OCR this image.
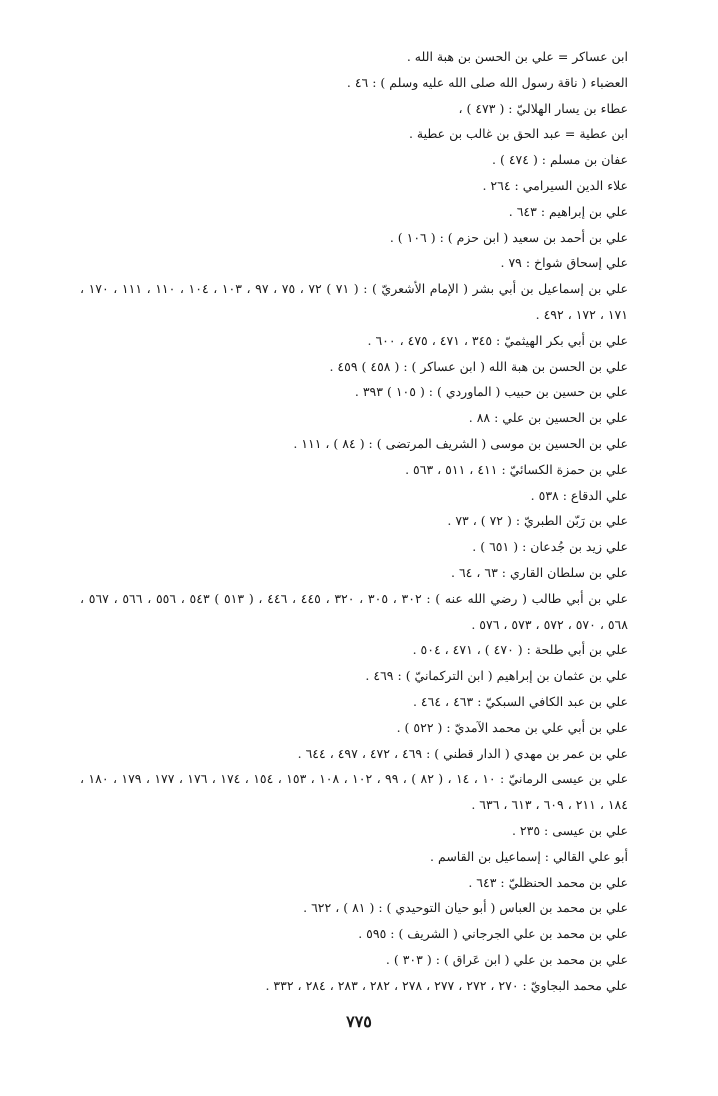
ابن عساكر = علي بن الحسن بن هبة الله .
العضباء ( ناقة رسول الله صلى الله عليه وسلم ) : ٤٦ .
عطاء بن يسار الهلاليّ : ( ٤٧٣ ) ،
ابن عطية = عبد الحق بن غالب بن عطية .
عفان بن مسلم : ( ٤٧٤ ) .
علاء الدين السيرامي : ٢٦٤ .
علي بن إبراهيم : ٦٤٣ .
علي بن أحمد بن سعيد ( ابن حزم ) : ( ١٠٦ ) .
علي إسحاق شواخ : ٧٩ .
علي بن إسماعيل بن أبي بشر ( الإمام الأشعريّ ) : ( ٧١ ) ٧٢ ، ٧٥ ، ٩٧ ، ١٠٣ ، ١٠٤ ، ١١٠ ، ١١١ ، ١٧٠ ، ١٧١ ، ١٧٢ ، ٤٩٢ .
علي بن أبي بكر الهيثميّ : ٣٤٥ ، ٤٧١ ، ٤٧٥ ، ٦٠٠ .
علي بن الحسن بن هبة الله ( ابن عساكر ) : ( ٤٥٨ ) ٤٥٩ .
علي بن حسين بن حبيب ( الماوردي ) : ( ١٠٥ ) ٣٩٣ .
علي بن الحسين بن علي : ٨٨ .
علي بن الحسين بن موسى ( الشريف المرتضى ) : ( ٨٤ ) ، ١١١ .
علي بن حمزة الكسائيّ : ٤١١ ، ٥١١ ، ٥٦٣ .
علي الدقاع : ٥٣٨ .
علي بن رَبّن الطبريّ : ( ٧٢ ) ، ٧٣ .
علي زيد بن جُدعان : ( ٦٥١ ) .
علي بن سلطان القاري : ٦٣ ، ٦٤ .
علي بن أبي طالب ( رضي الله عنه ) : ٣٠٢ ، ٣٠٥ ، ٣٢٠ ، ٤٤٥ ، ٤٤٦ ، ( ٥١٣ ) ٥٤٣ ، ٥٥٦ ، ٥٦٦ ، ٥٦٧ ، ٥٦٨ ، ٥٧٠ ، ٥٧٢ ، ٥٧٣ ، ٥٧٦ .
علي بن أبي طلحة : ( ٤٧٠ ) ، ٤٧١ ، ٥٠٤ .
علي بن عثمان بن إبراهيم ( ابن التركمانيّ ) : ٤٦٩ .
علي بن عبد الكافي السبكيّ : ٤٦٣ ، ٤٦٤ .
علي بن أبي علي بن محمد الآمديّ : ( ٥٢٢ ) .
علي بن عمر بن مهدي ( الدار قطني ) : ٤٦٩ ، ٤٧٢ ، ٤٩٧ ، ٦٤٤ .
علي بن عيسى الرمانيّ : ١٠ ، ١٤ ، ( ٨٢ ) ، ٩٩ ، ١٠٢ ، ١٠٨ ، ١٥٣ ، ١٥٤ ، ١٧٤ ، ١٧٦ ، ١٧٧ ، ١٧٩ ، ١٨٠ ، ١٨٤ ، ٢١١ ، ٦٠٩ ، ٦١٣ ، ٦٣٦ .
علي بن عيسى : ٢٣٥ .
أبو علي القالي : إسماعيل بن القاسم .
علي بن محمد الحنظليّ : ٦٤٣ .
علي بن محمد بن العباس ( أبو حيان التوحيدي ) : ( ٨١ ) ، ٦٢٢ .
علي بن محمد بن علي الجرجاني ( الشريف ) : ٥٩٥ .
علي بن محمد بن علي ( ابن عَراق ) : ( ٣٠٣ ) .
علي محمد البجاويّ : ٢٧٠ ، ٢٧٢ ، ٢٧٧ ، ٢٧٨ ، ٢٨٢ ، ٢٨٣ ، ٢٨٤ ، ٣٣٢ .
٧٧٥
